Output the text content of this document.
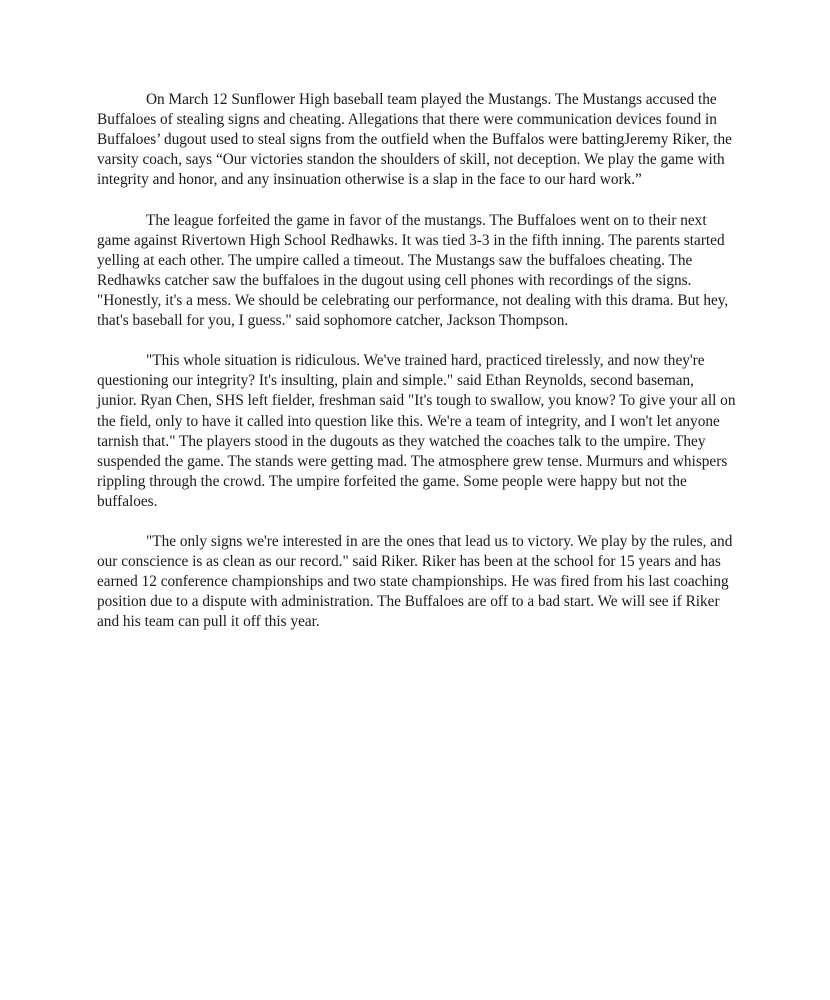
On March 12 Sunflower High baseball team played the Mustangs. The Mustangs accused the Buffaloes of stealing signs and cheating. Allegations that there were communication devices found in Buffaloes’ dugout used to steal signs from the outfield when the Buffalos were battingJeremy Riker, the varsity coach, says “Our victories standon the shoulders of skill, not deception. We play the game with integrity and honor, and any insinuation otherwise is a slap in the face to our hard work.”

The league forfeited the game in favor of the mustangs. The Buffaloes went on to their next game against Rivertown High School Redhawks. It was tied 3-3 in the fifth inning. The parents started yelling at each other. The umpire called a timeout. The Mustangs saw the buffaloes cheating. The Redhawks catcher saw the buffaloes in the dugout using cell phones with recordings of the signs. "Honestly, it's a mess. We should be celebrating our performance, not dealing with this drama. But hey, that's baseball for you, I guess." said sophomore catcher, Jackson Thompson.

"This whole situation is ridiculous. We've trained hard, practiced tirelessly, and now they're questioning our integrity? It's insulting, plain and simple." said Ethan Reynolds, second baseman, junior. Ryan Chen, SHS left fielder, freshman said "It's tough to swallow, you know? To give your all on the field, only to have it called into question like this. We're a team of integrity, and I won't let anyone tarnish that." The players stood in the dugouts as they watched the coaches talk to the umpire. They suspended the game. The stands were getting mad. The atmosphere grew tense. Murmurs and whispers rippling through the crowd. The umpire forfeited the game. Some people were happy but not the buffaloes.

"The only signs we're interested in are the ones that lead us to victory. We play by the rules, and our conscience is as clean as our record." said Riker. Riker has been at the school for 15 years and has earned 12 conference championships and two state championships. He was fired from his last coaching position due to a dispute with administration. The Buffaloes are off to a bad start. We will see if Riker and his team can pull it off this year.
